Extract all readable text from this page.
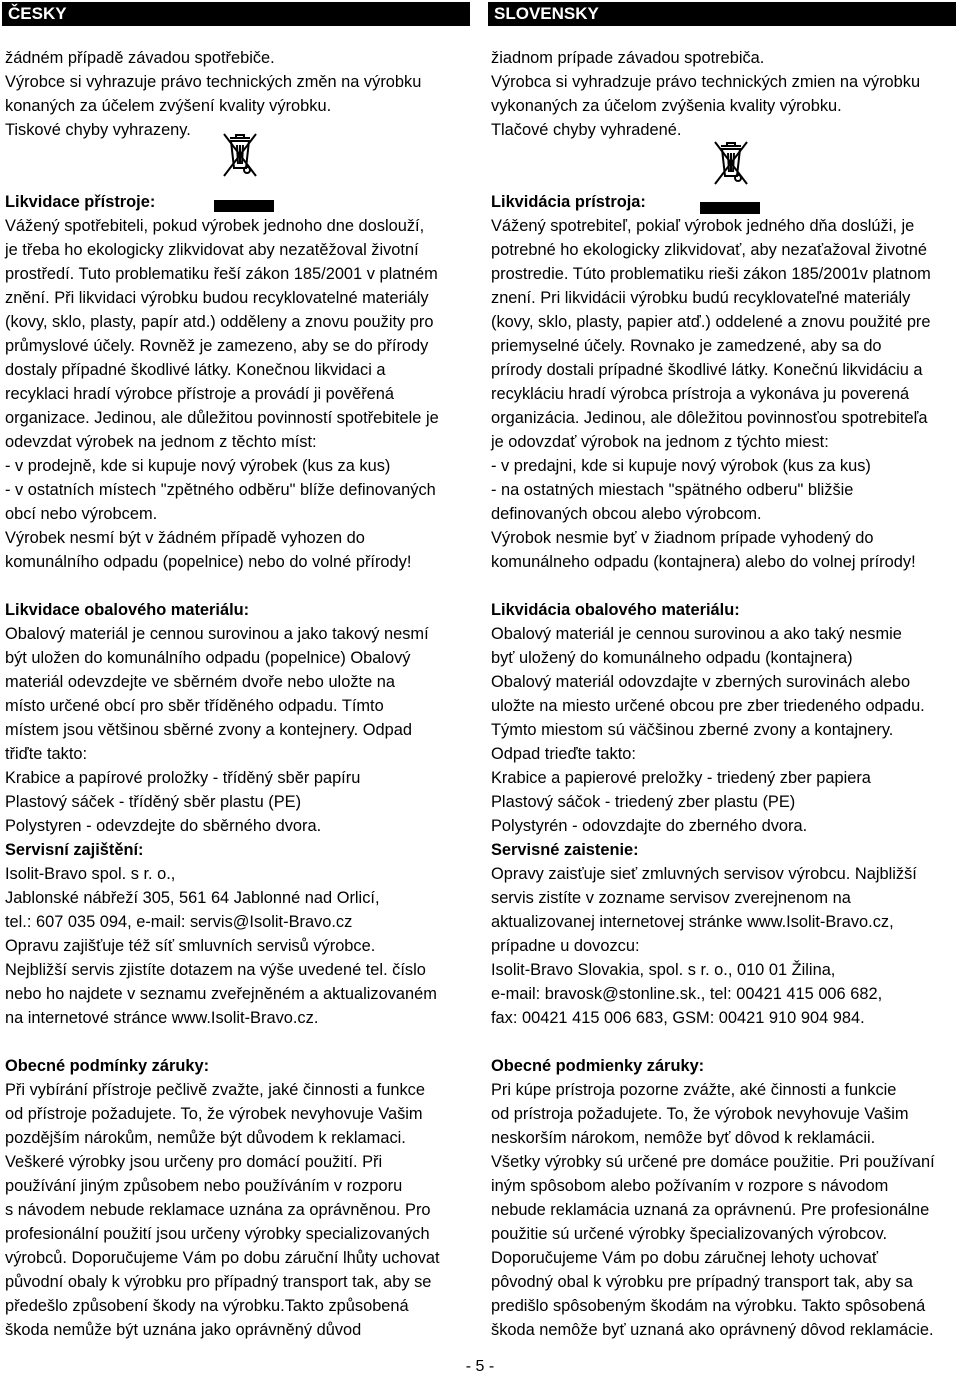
ČESKY
žádném případě závadou spotřebiče.
Výrobce si vyhrazuje právo technických změn na výrobku
konaných za účelem zvýšení kvality výrobku.
Tiskové chyby vyhrazeny.
Likvidace přístroje:
Vážený spotřebiteli, pokud výrobek jednoho dne doslouží,
je třeba ho ekologicky zlikvidovat aby nezatěžoval životní
prostředí. Tuto problematiku řeší zákon 185/2001 v platném
znění. Při likvidaci výrobku budou recyklovatelné materiály
(kovy, sklo, plasty, papír atd.) odděleny a znovu použity pro
průmyslové účely. Rovněž je zamezeno, aby se do přírody
dostaly případné škodlivé látky. Konečnou likvidaci a
recyklaci hradí výrobce přístroje a provádí ji pověřená
organizace. Jedinou, ale důležitou povinností spotřebitele je
odevzdat výrobek na jednom z těchto míst:
- v prodejně, kde si kupuje nový výrobek (kus za kus)
- v ostatních místech "zpětného odběru" blíže definovaných
obcí nebo výrobcem.
Výrobek nesmí být v žádném případě vyhozen do
komunálního odpadu (popelnice) nebo do volné přírody!
Likvidace obalového materiálu:
Obalový materiál je cennou surovinou a jako takový nesmí
být uložen do komunálního odpadu (popelnice) Obalový
materiál odevzdejte ve sběrném dvoře nebo uložte na
místo určené obcí pro sběr tříděného odpadu. Tímto
místem jsou většinou sběrné zvony a kontejnery. Odpad
třiďte takto:
Krabice a papírové proložky - tříděný sběr papíru
Plastový sáček - tříděný sběr plastu (PE)
Polystyren - odevzdejte do sběrného dvora.
Servisní zajištění:
Isolit-Bravo spol. s r. o.,
Jablonské nábřeží 305, 561 64 Jablonné nad Orlicí,
tel.: 607 035 094, e-mail: servis@Isolit-Bravo.cz
Opravu zajišťuje též síť smluvních servisů výrobce.
Nejbližší servis zjistíte dotazem na výše uvedené tel. číslo
nebo ho najdete v seznamu zveřejněném a aktualizovaném
na internetové stránce www.Isolit-Bravo.cz.
Obecné podmínky záruky:
Při vybírání přístroje pečlivě zvažte, jaké činnosti a funkce
od přístroje požadujete. To, že výrobek nevyhovuje Vašim
pozdějším nárokům, nemůže být důvodem k reklamaci.
Veškeré výrobky jsou určeny pro domácí použití. Při
používání jiným způsobem nebo používáním v rozporu
s návodem nebude reklamace uznána za oprávněnou. Pro
profesionální použití jsou určeny výrobky specializovaných
výrobců. Doporučujeme Vám po dobu záruční lhůty uchovat
původní obaly k výrobku pro případný transport tak, aby se
předešlo způsobení škody na výrobku.Takto způsobená
škoda nemůže být uznána jako oprávněný důvod
SLOVENSKY
žiadnom prípade závadou spotrebiča.
Výrobca si vyhradzuje právo technických zmien na výrobku
vykonaných za účelom zvýšenia kvality výrobku.
Tlačové chyby vyhradené.
Likvidácia prístroja:
Vážený spotrebiteľ, pokiaľ výrobok jedného dňa doslúži, je
potrebné ho ekologicky zlikvidovať, aby nezaťažoval životné
prostredie. Túto problematiku rieši zákon 185/2001v platnom
znení. Pri likvidácii výrobku budú recyklovateľné materiály
(kovy, sklo, plasty, papier atď.) oddelené a znovu použité pre
priemyselné účely. Rovnako je zamedzené, aby sa do
prírody dostali prípadné škodlivé látky. Konečnú likvidáciu a
recykláciu hradí výrobca prístroja a vykonáva ju poverená
organizácia. Jedinou, ale dôležitou povinnosťou spotrebiteľa
je odovzdať výrobok na jednom z týchto miest:
- v predajni, kde si kupuje nový výrobok (kus za kus)
- na ostatných miestach "spätného odberu" bližšie
definovaných obcou alebo výrobcom.
Výrobok nesmie byť v žiadnom prípade vyhodený do
komunálneho odpadu (kontajnera) alebo do volnej prírody!
Likvidácia obalového materiálu:
Obalový materiál je cennou surovinou a ako taký nesmie
byť uložený do komunálneho odpadu (kontajnera)
Obalový materiál odovzdajte v zberných surovinách alebo
uložte na miesto určené obcou pre zber triedeného odpadu.
Týmto miestom sú väčšinou zberné zvony a kontajnery.
Odpad trieďte takto:
Krabice a papierové preložky - triedený zber papiera
Plastový sáčok - triedený zber plastu (PE)
Polystyrén - odovzdajte do zberného dvora.
Servisné zaistenie:
Opravy zaisťuje sieť zmluvných servisov výrobcu. Najbližší
servis zistíte v zozname servisov zverejnenom na
aktualizovanej internetovej stránke www.Isolit-Bravo.cz,
prípadne u dovozcu:
Isolit-Bravo Slovakia, spol. s r. o., 010 01 Žilina,
e-mail: bravosk@stonline.sk., tel: 00421 415 006 682,
fax: 00421 415 006 683, GSM: 00421 910 904 984.
Obecné podmienky záruky:
Pri kúpe prístroja pozorne zvážte, aké činnosti a funkcie
od prístroja požadujete. To, že výrobok nevyhovuje Vašim
neskorším nárokom, nemôže byť dôvod k reklamácii.
Všetky výrobky sú určené pre domáce použitie. Pri používaní
iným spôsobom alebo požívaním v rozpore s návodom
nebude reklamácia uznaná za oprávnenú. Pre profesionálne
použitie sú určené výrobky špecializovaných výrobcov.
Doporučujeme Vám po dobu záručnej lehoty uchovať
pôvodný obal k výrobku pre prípadný transport tak, aby sa
predišlo spôsobeným škodám na výrobku. Takto spôsobená
škoda nemôže byť uznaná ako oprávnený dôvod reklamácie.
- 5 -
